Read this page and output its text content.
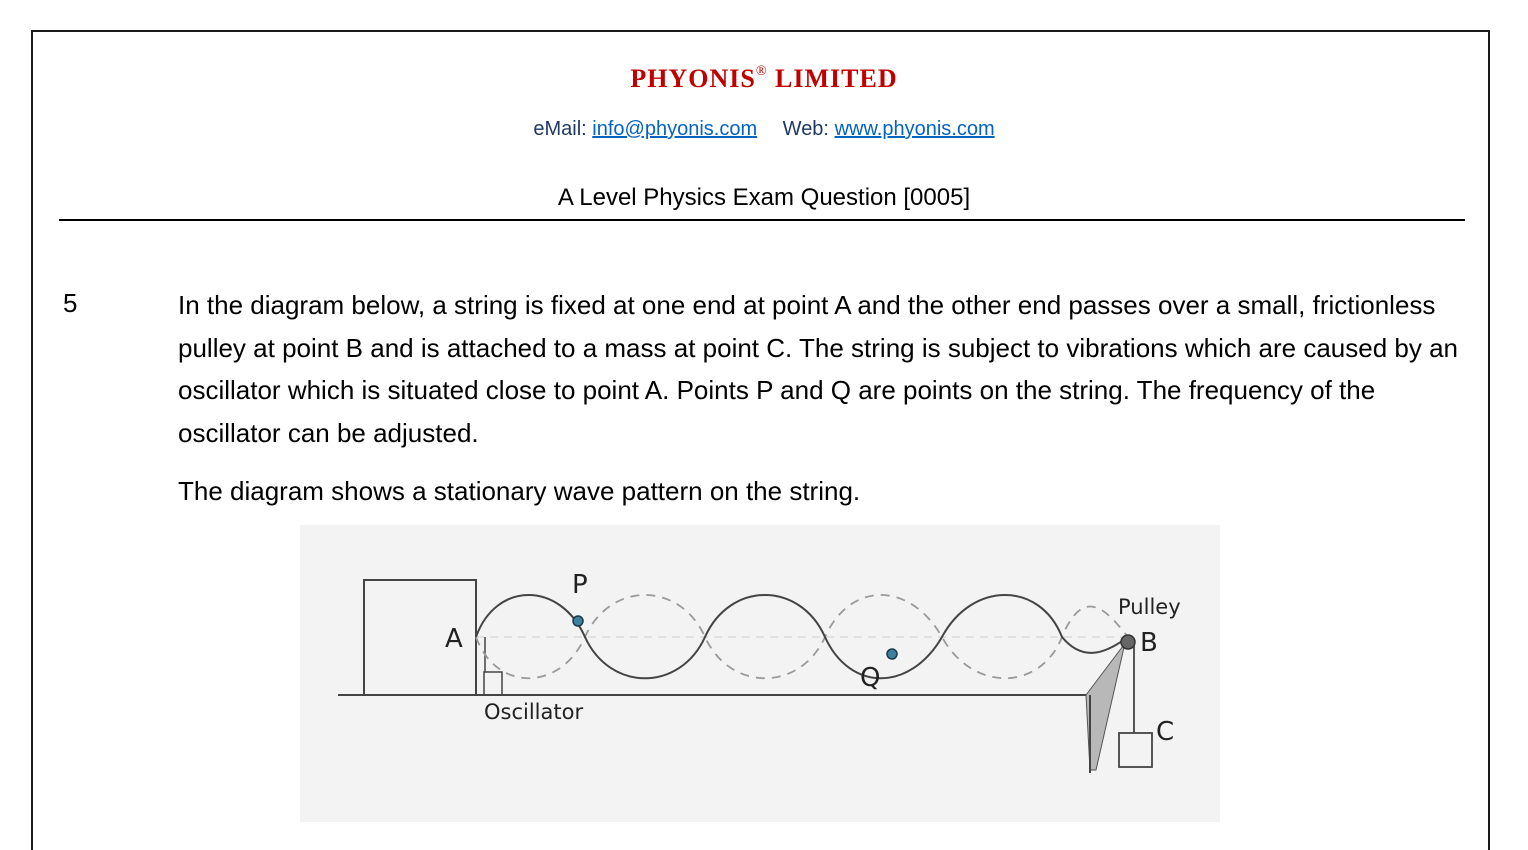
PHYONIS® LIMITED
eMail: info@phyonis.com Web: www.phyonis.com
A Level Physics Exam Question [0005]
5	In the diagram below, a string is fixed at one end at point A and the other end passes over a small, frictionless pulley at point B and is attached to a mass at point C. The string is subject to vibrations which are caused by an oscillator which is situated close to point A. Points P and Q are points on the string. The frequency of the oscillator can be adjusted.

The diagram shows a stationary wave pattern on the string.

A
P
Q
Pulley
B
C
Oscillator
